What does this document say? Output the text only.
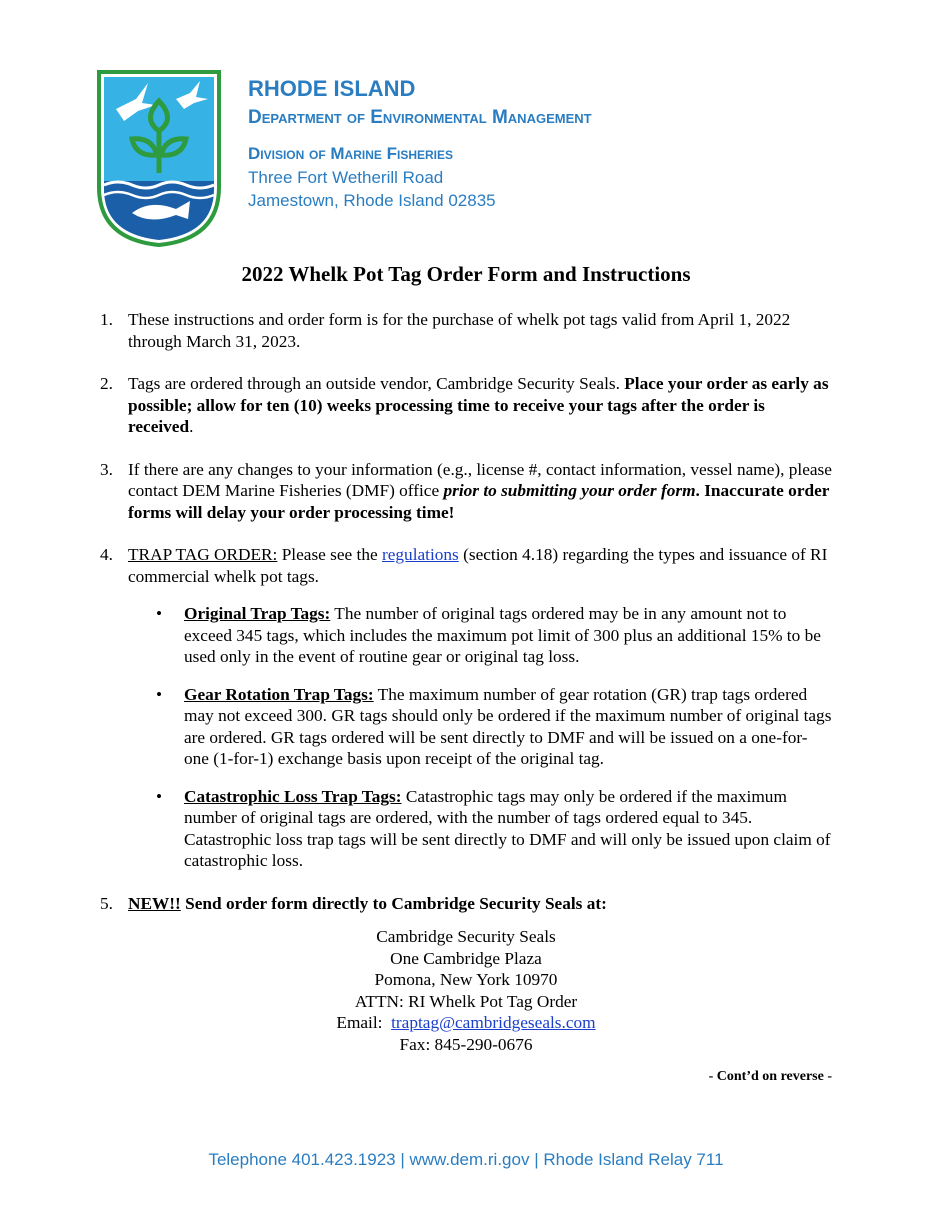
RHODE ISLAND
Department of Environmental Management
Division of Marine Fisheries
Three Fort Wetherill Road
Jamestown, Rhode Island 02835
2022 Whelk Pot Tag Order Form and Instructions
1. These instructions and order form is for the purchase of whelk pot tags valid from April 1, 2022 through March 31, 2023.
2. Tags are ordered through an outside vendor, Cambridge Security Seals. Place your order as early as possible; allow for ten (10) weeks processing time to receive your tags after the order is received.
3. If there are any changes to your information (e.g., license #, contact information, vessel name), please contact DEM Marine Fisheries (DMF) office prior to submitting your order form. Inaccurate order forms will delay your order processing time!
4. TRAP TAG ORDER: Please see the regulations (section 4.18) regarding the types and issuance of RI commercial whelk pot tags.
• Original Trap Tags: The number of original tags ordered may be in any amount not to exceed 345 tags, which includes the maximum pot limit of 300 plus an additional 15% to be used only in the event of routine gear or original tag loss.
• Gear Rotation Trap Tags: The maximum number of gear rotation (GR) trap tags ordered may not exceed 300. GR tags should only be ordered if the maximum number of original tags are ordered. GR tags ordered will be sent directly to DMF and will be issued on a one-for-one (1-for-1) exchange basis upon receipt of the original tag.
• Catastrophic Loss Trap Tags: Catastrophic tags may only be ordered if the maximum number of original tags are ordered, with the number of tags ordered equal to 345. Catastrophic loss trap tags will be sent directly to DMF and will only be issued upon claim of catastrophic loss.
5. NEW!! Send order form directly to Cambridge Security Seals at:
Cambridge Security Seals
One Cambridge Plaza
Pomona, New York 10970
ATTN: RI Whelk Pot Tag Order
Email: traptag@cambridgeseals.com
Fax: 845-290-0676
- Cont’d on reverse -
Telephone 401.423.1923 | www.dem.ri.gov | Rhode Island Relay 711
